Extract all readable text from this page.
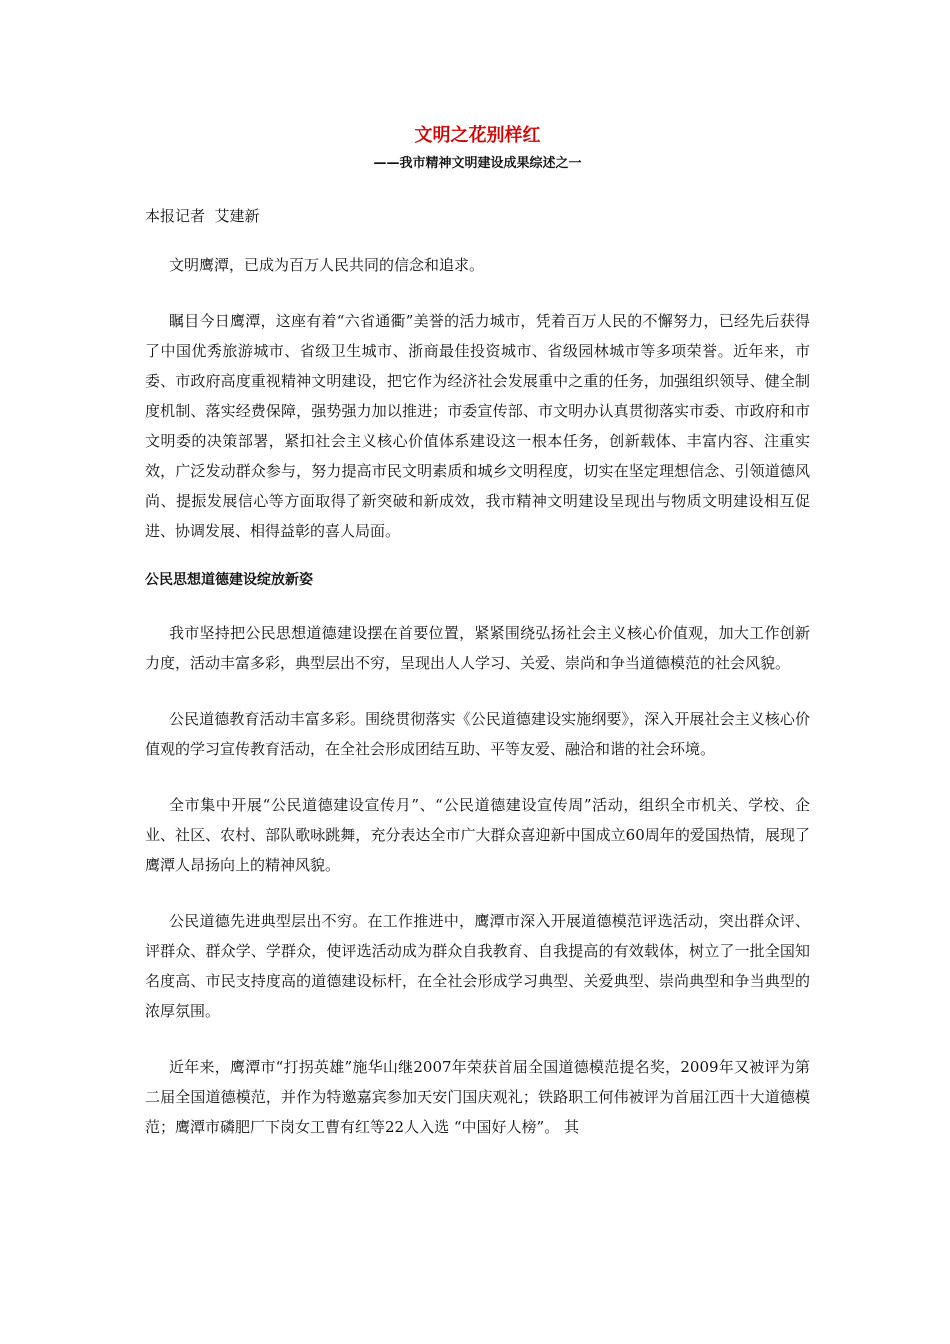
文明之花别样红
——我市精神文明建设成果综述之一
本报记者  艾建新

文明鹰潭，已成为百万人民共同的信念和追求。

瞩目今日鹰潭，这座有着“六省通衢”美誉的活力城市，凭着百万人民的不懈努力，已经先后获得了中国优秀旅游城市、省级卫生城市、浙商最佳投资城市、省级园林城市等多项荣誉。近年来，市委、市政府高度重视精神文明建设，把它作为经济社会发展重中之重的任务，加强组织领导、健全制度机制、落实经费保障，强势强力加以推进；市委宣传部、市文明办认真贯彻落实市委、市政府和市文明委的决策部署，紧扣社会主义核心价值体系建设这一根本任务，创新载体、丰富内容、注重实效，广泛发动群众参与，努力提高市民文明素质和城乡文明程度，切实在坚定理想信念、引领道德风尚、提振发展信心等方面取得了新突破和新成效，我市精神文明建设呈现出与物质文明建设相互促进、协调发展、相得益彰的喜人局面。

公民思想道德建设绽放新姿

我市坚持把公民思想道德建设摆在首要位置，紧紧围绕弘扬社会主义核心价值观，加大工作创新力度，活动丰富多彩，典型层出不穷，呈现出人人学习、关爱、崇尚和争当道德模范的社会风貌。

公民道德教育活动丰富多彩。围绕贯彻落实《公民道德建设实施纲要》，深入开展社会主义核心价值观的学习宣传教育活动，在全社会形成团结互助、平等友爱、融洽和谐的社会环境。

全市集中开展“公民道德建设宣传月”、“公民道德建设宣传周”活动，组织全市机关、学校、企业、社区、农村、部队歌咏跳舞，充分表达全市广大群众喜迎新中国成立60周年的爱国热情，展现了鹰潭人昂扬向上的精神风貌。

公民道德先进典型层出不穷。在工作推进中，鹰潭市深入开展道德模范评选活动，突出群众评、评群众、群众学、学群众，使评选活动成为群众自我教育、自我提高的有效载体，树立了一批全国知名度高、市民支持度高的道德建设标杆，在全社会形成学习典型、关爱典型、崇尚典型和争当典型的浓厚氛围。

近年来，鹰潭市“打拐英雄”施华山继2007年荣获首届全国道德模范提名奖，2009年又被评为第二届全国道德模范，并作为特邀嘉宾参加天安门国庆观礼；铁路职工何伟被评为首届江西十大道德模范；鹰潭市磷肥厂下岗女工曹有红等22人入选 “中国好人榜”。 其
